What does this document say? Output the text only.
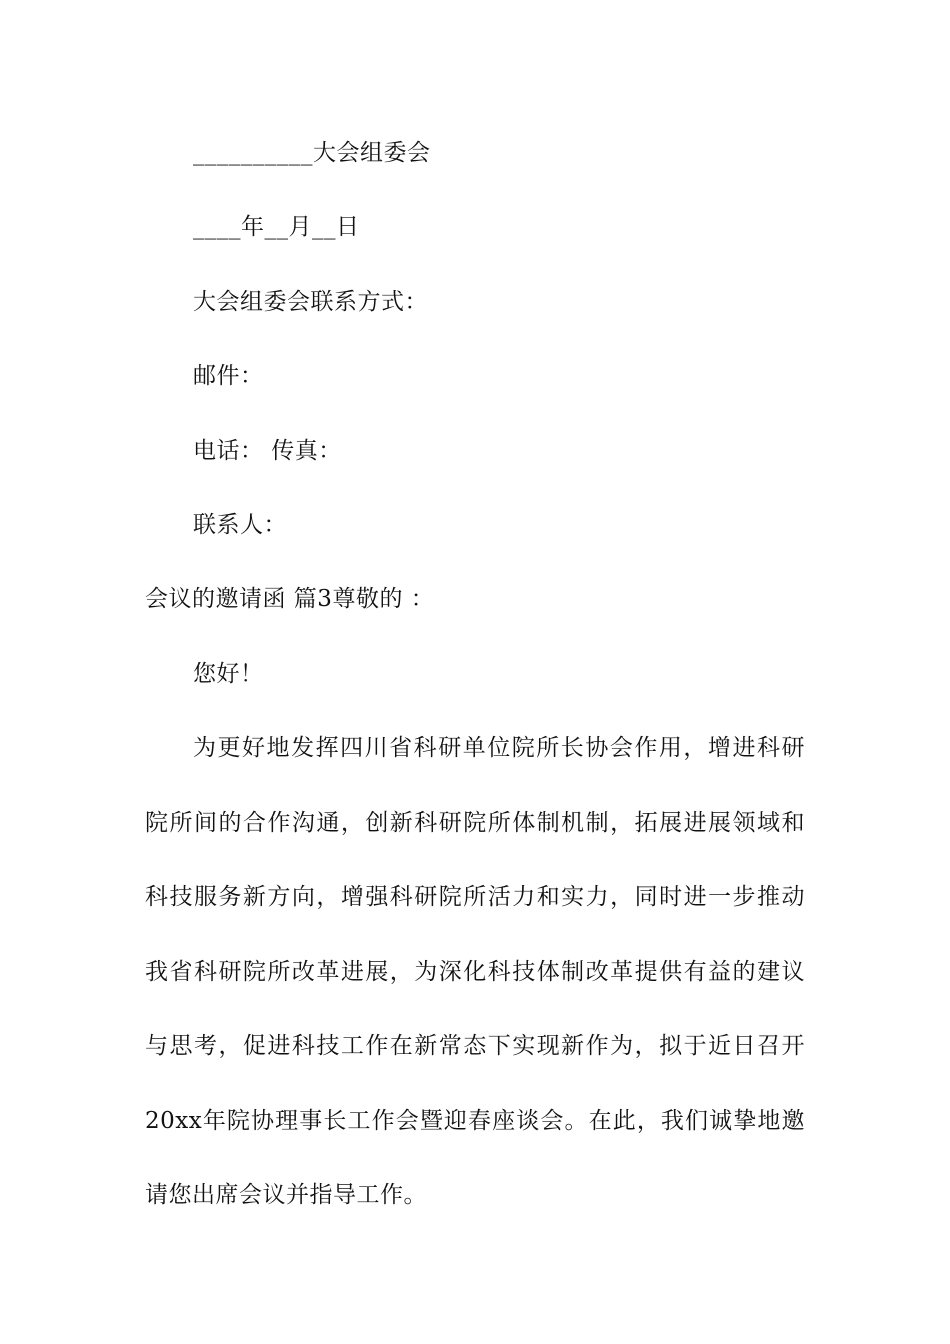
__________大会组委会

____年__月__日

大会组委会联系方式：

邮件：

电话： 传真：

联系人：

会议的邀请函 篇3尊敬的 ：

您好！

为更好地发挥四川省科研单位院所长协会作用，增进科研

院所间的合作沟通，创新科研院所体制机制，拓展进展领域和

科技服务新方向，增强科研院所活力和实力，同时进一步推动

我省科研院所改革进展，为深化科技体制改革提供有益的建议

与思考，促进科技工作在新常态下实现新作为，拟于近日召开

20xx年院协理事长工作会暨迎春座谈会。在此，我们诚挚地邀

请您出席会议并指导工作。
